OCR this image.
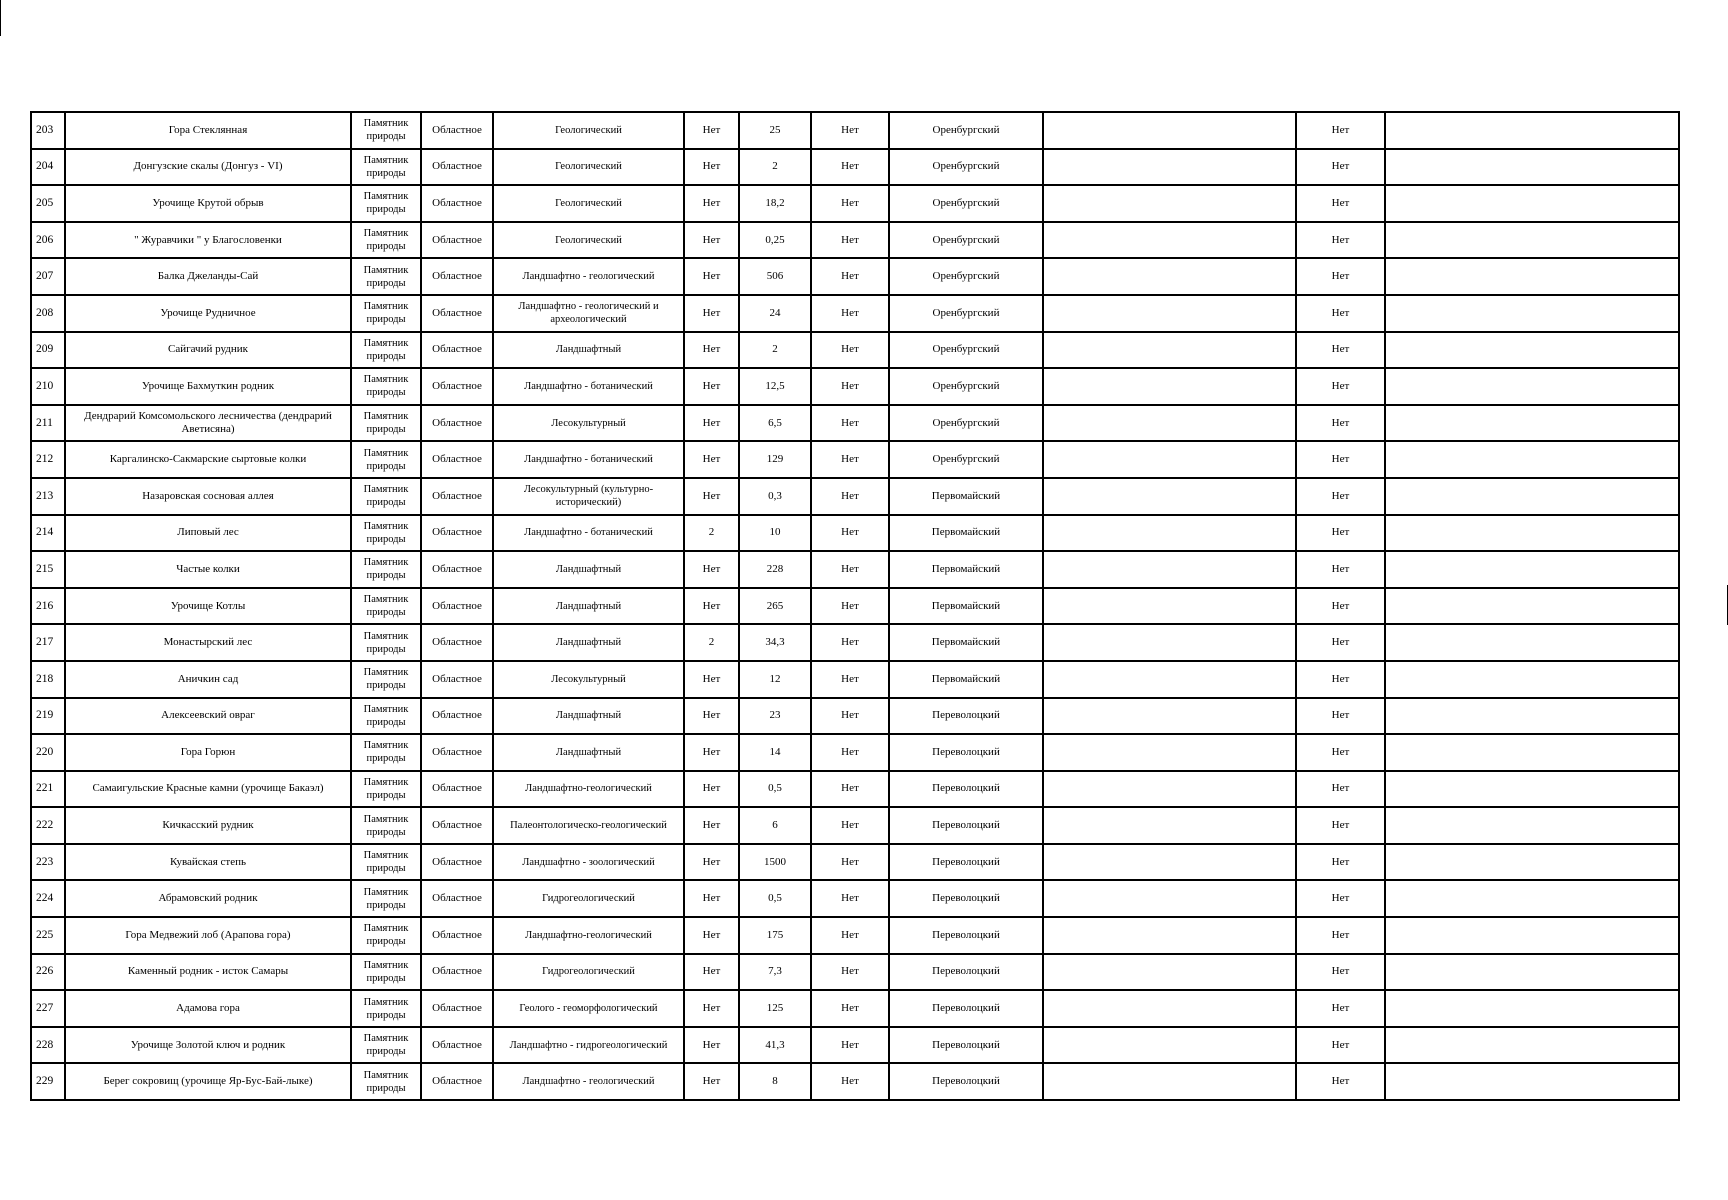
203	Гора Стеклянная	Памятник природы	Областное	Геологический	Нет	25	Нет	Оренбургский		Нет	
204	Донгузские скалы (Донгуз - VI)	Памятник природы	Областное	Геологический	Нет	2	Нет	Оренбургский		Нет	
205	Урочище Крутой обрыв	Памятник природы	Областное	Геологический	Нет	18,2	Нет	Оренбургский		Нет	
206	" Журавчики " у Благословенки	Памятник природы	Областное	Геологический	Нет	0,25	Нет	Оренбургский		Нет	
207	Балка Джеланды-Сай	Памятник природы	Областное	Ландшафтно - геологический	Нет	506	Нет	Оренбургский		Нет	
208	Урочище Рудничное	Памятник природы	Областное	Ландшафтно - геологический и археологический	Нет	24	Нет	Оренбургский		Нет	
209	Сайгачий рудник	Памятник природы	Областное	Ландшафтный	Нет	2	Нет	Оренбургский		Нет	
210	Урочище Бахмуткин родник	Памятник природы	Областное	Ландшафтно - ботанический	Нет	12,5	Нет	Оренбургский		Нет	
211	Дендрарий Комсомольского лесничества (дендрарий Аветисяна)	Памятник природы	Областное	Лесокультурный	Нет	6,5	Нет	Оренбургский		Нет	
212	Каргалинско-Сакмарские сыртовые колки	Памятник природы	Областное	Ландшафтно - ботанический	Нет	129	Нет	Оренбургский		Нет	
213	Назаровская сосновая аллея	Памятник природы	Областное	Лесокультурный (культурно-исторический)	Нет	0,3	Нет	Первомайский		Нет	
214	Липовый лес	Памятник природы	Областное	Ландшафтно - ботанический	2	10	Нет	Первомайский		Нет	
215	Частые колки	Памятник природы	Областное	Ландшафтный	Нет	228	Нет	Первомайский		Нет	
216	Урочище Котлы	Памятник природы	Областное	Ландшафтный	Нет	265	Нет	Первомайский		Нет	
217	Монастырский лес	Памятник природы	Областное	Ландшафтный	2	34,3	Нет	Первомайский		Нет	
218	Аничкин сад	Памятник природы	Областное	Лесокультурный	Нет	12	Нет	Первомайский		Нет	
219	Алексеевский овраг	Памятник природы	Областное	Ландшафтный	Нет	23	Нет	Переволоцкий		Нет	
220	Гора Горюн	Памятник природы	Областное	Ландшафтный	Нет	14	Нет	Переволоцкий		Нет	
221	Самаигульские Красные камни (урочище Бакаэл)	Памятник природы	Областное	Ландшафтно-геологический	Нет	0,5	Нет	Переволоцкий		Нет	
222	Кичкасский рудник	Памятник природы	Областное	Палеонтологическо-геологический	Нет	6	Нет	Переволоцкий		Нет	
223	Кувайская степь	Памятник природы	Областное	Ландшафтно - зоологический	Нет	1500	Нет	Переволоцкий		Нет	
224	Абрамовский родник	Памятник природы	Областное	Гидрогеологический	Нет	0,5	Нет	Переволоцкий		Нет	
225	Гора Медвежий лоб (Арапова гора)	Памятник природы	Областное	Ландшафтно-геологический	Нет	175	Нет	Переволоцкий		Нет	
226	Каменный родник - исток Самары	Памятник природы	Областное	Гидрогеологический	Нет	7,3	Нет	Переволоцкий		Нет	
227	Адамова гора	Памятник природы	Областное	Геолого - геоморфологический	Нет	125	Нет	Переволоцкий		Нет	
228	Урочище Золотой ключ и родник	Памятник природы	Областное	Ландшафтно - гидрогеологический	Нет	41,3	Нет	Переволоцкий		Нет	
229	Берег сокровищ (урочище Яр-Бус-Бай-лыке)	Памятник природы	Областное	Ландшафтно - геологический	Нет	8	Нет	Переволоцкий		Нет	
